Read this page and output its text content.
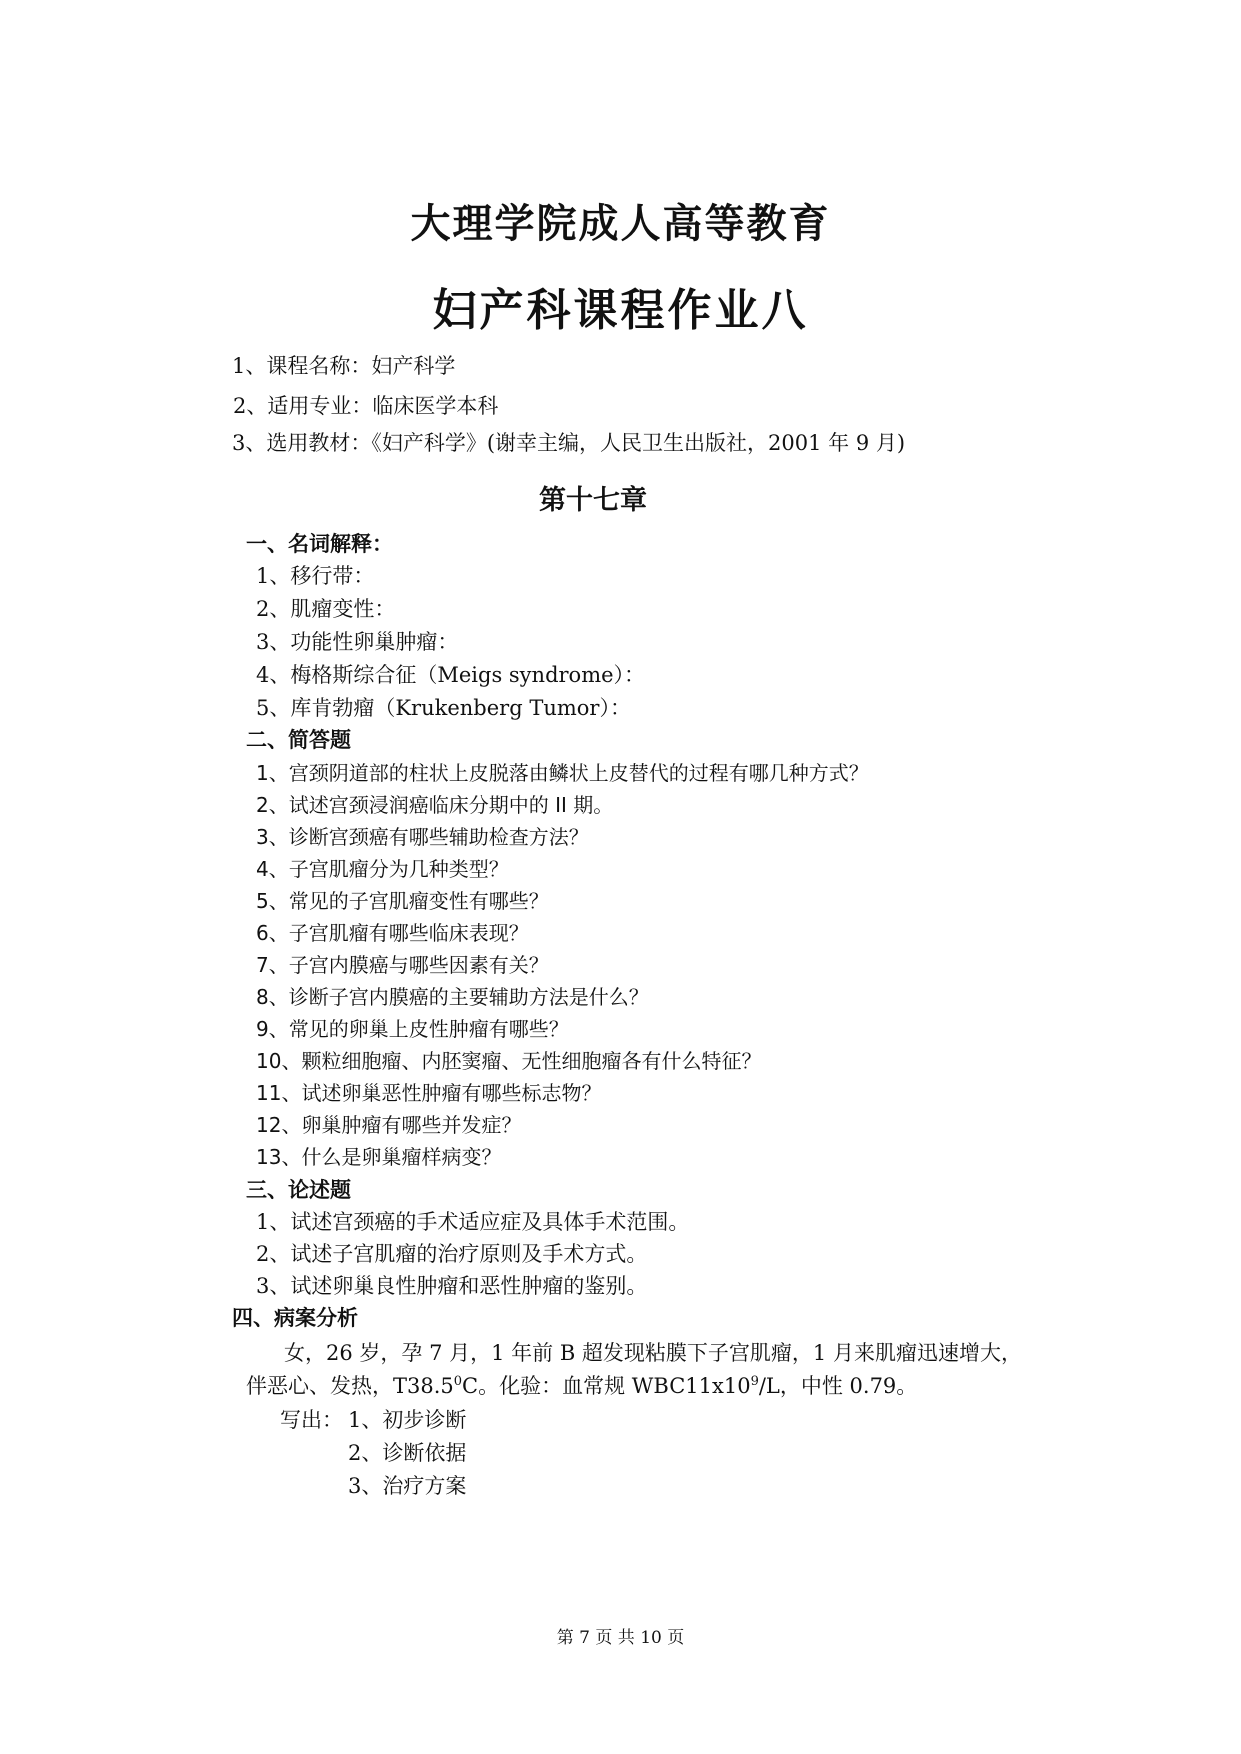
大理学院成人高等教育
妇产科课程作业八
1、课程名称：妇产科学
2、适用专业：临床医学本科
3、选用教材：《妇产科学》(谢幸主编，人民卫生出版社，2001 年 9 月)
第十七章
一、名词解释：
1、移行带：
2、肌瘤变性：
3、功能性卵巢肿瘤：
4、梅格斯综合征（Meigs syndrome）：
5、库肯勃瘤（Krukenberg Tumor）：
二、简答题
1、宫颈阴道部的柱状上皮脱落由鳞状上皮替代的过程有哪几种方式？
2、试述宫颈浸润癌临床分期中的 II 期。
3、诊断宫颈癌有哪些辅助检查方法？
4、子宫肌瘤分为几种类型？
5、常见的子宫肌瘤变性有哪些？
6、子宫肌瘤有哪些临床表现？
7、子宫内膜癌与哪些因素有关？
8、诊断子宫内膜癌的主要辅助方法是什么？
9、常见的卵巢上皮性肿瘤有哪些？
10、颗粒细胞瘤、内胚窦瘤、无性细胞瘤各有什么特征？
11、试述卵巢恶性肿瘤有哪些标志物？
12、卵巢肿瘤有哪些并发症？
13、什么是卵巢瘤样病变？
三、论述题
1、试述宫颈癌的手术适应症及具体手术范围。
2、试述子宫肌瘤的治疗原则及手术方式。
3、试述卵巢良性肿瘤和恶性肿瘤的鉴别。
四、病案分析
女，26 岁，孕 7 月，1 年前 B 超发现粘膜下子宫肌瘤，1 月来肌瘤迅速增大，
伴恶心、发热，T38.5$^0$C。化验：血常规 $WBC11x10^9/L$，中性 0.79。
写出： 1、初步诊断
2、诊断依据
3、治疗方案
第 7 页 共 10 页
